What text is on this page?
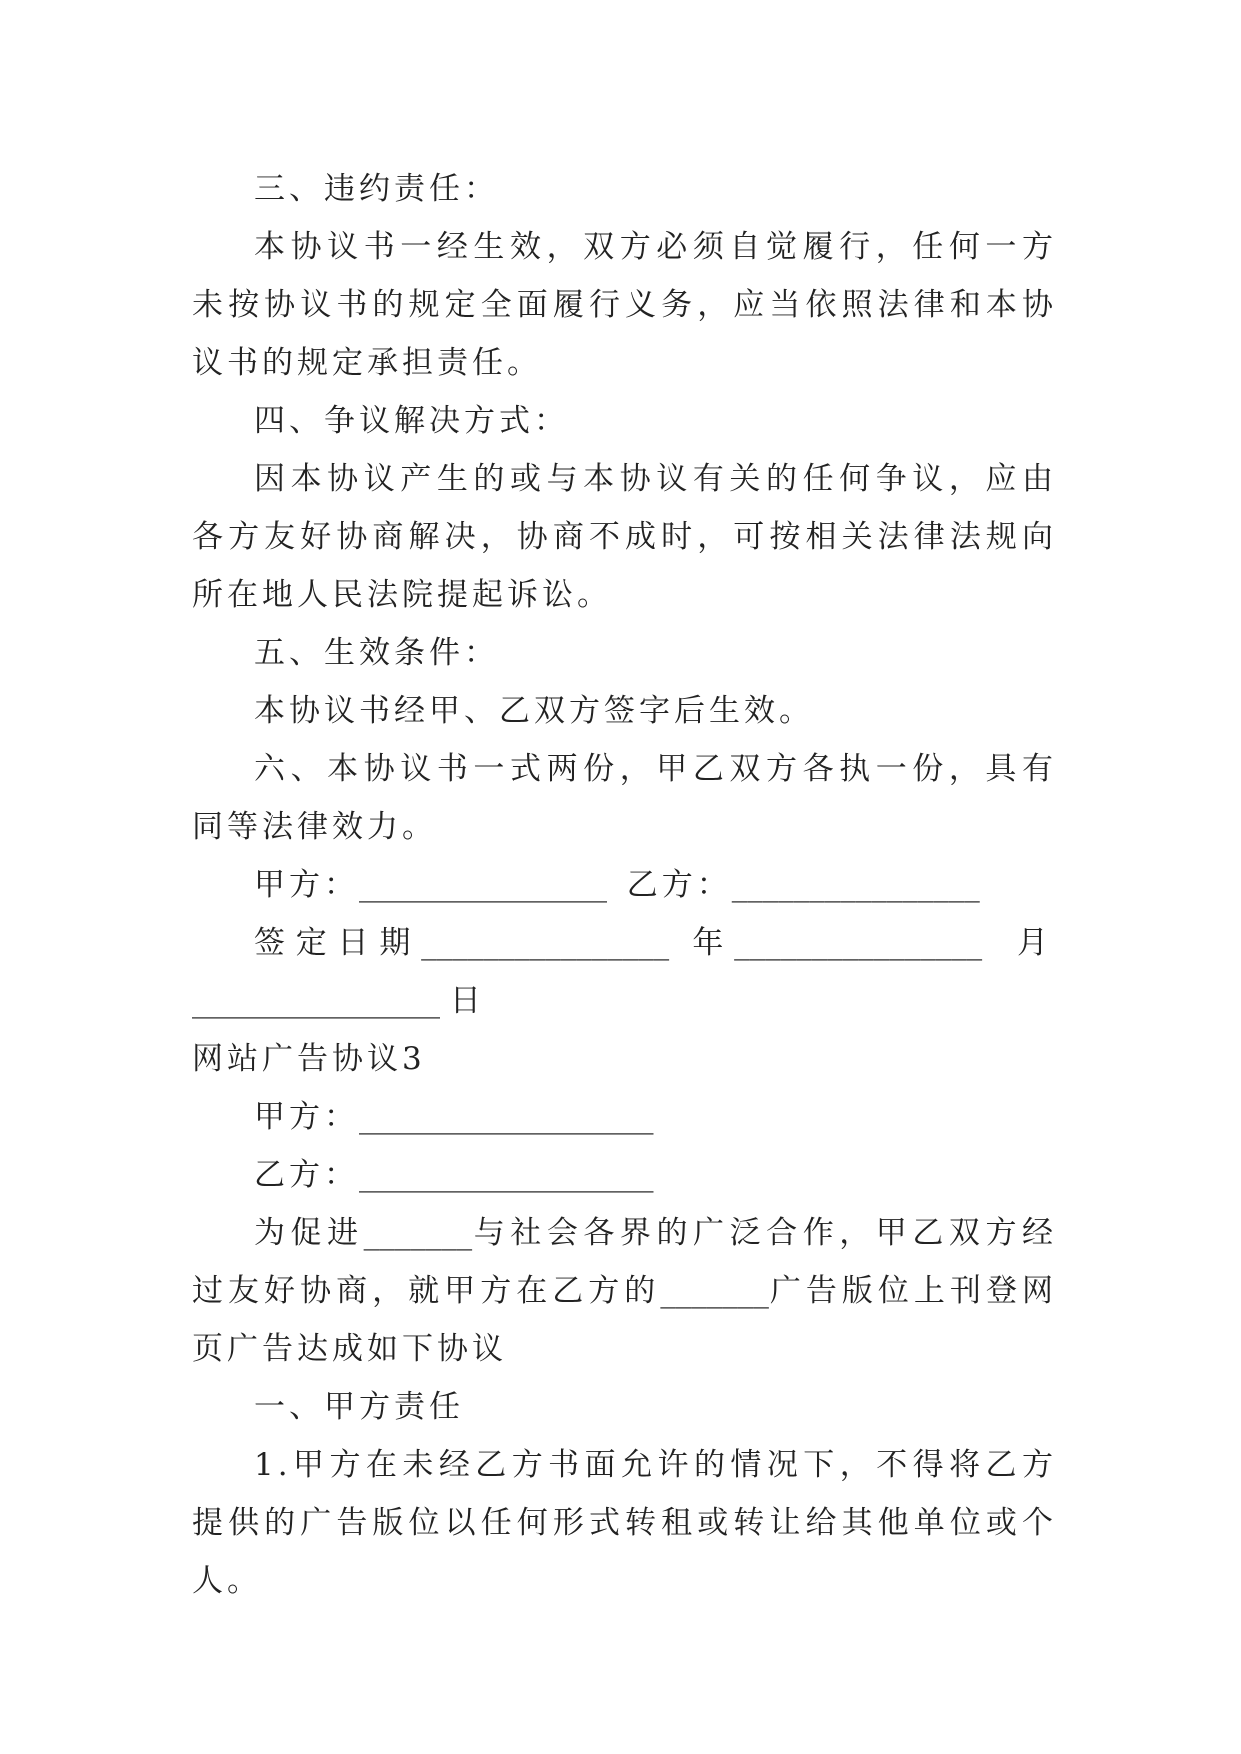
三、违约责任：

本协议书一经生效，双方必须自觉履行，任何一方未按协议书的规定全面履行义务，应当依照法律和本协议书的规定承担责任。

四、争议解决方式：

因本协议产生的或与本协议有关的任何争议，应由各方友好协商解决，协商不成时，可按相关法律法规向所在地人民法院提起诉讼。

五、生效条件：

本协议书经甲、乙双方签字后生效。

六、本协议书一式两份，甲乙双方各执一份，具有同等法律效力。

甲方：________________ 乙方：________________

签定日期________________ 年________________ 月 ________________ 日

网站广告协议3

甲方：___________________

乙方：___________________

为促进_______与社会各界的广泛合作，甲乙双方经过友好协商，就甲方在乙方的_______广告版位上刊登网页广告达成如下协议

一、甲方责任

1.甲方在未经乙方书面允许的情况下，不得将乙方提供的广告版位以任何形式转租或转让给其他单位或个人。
